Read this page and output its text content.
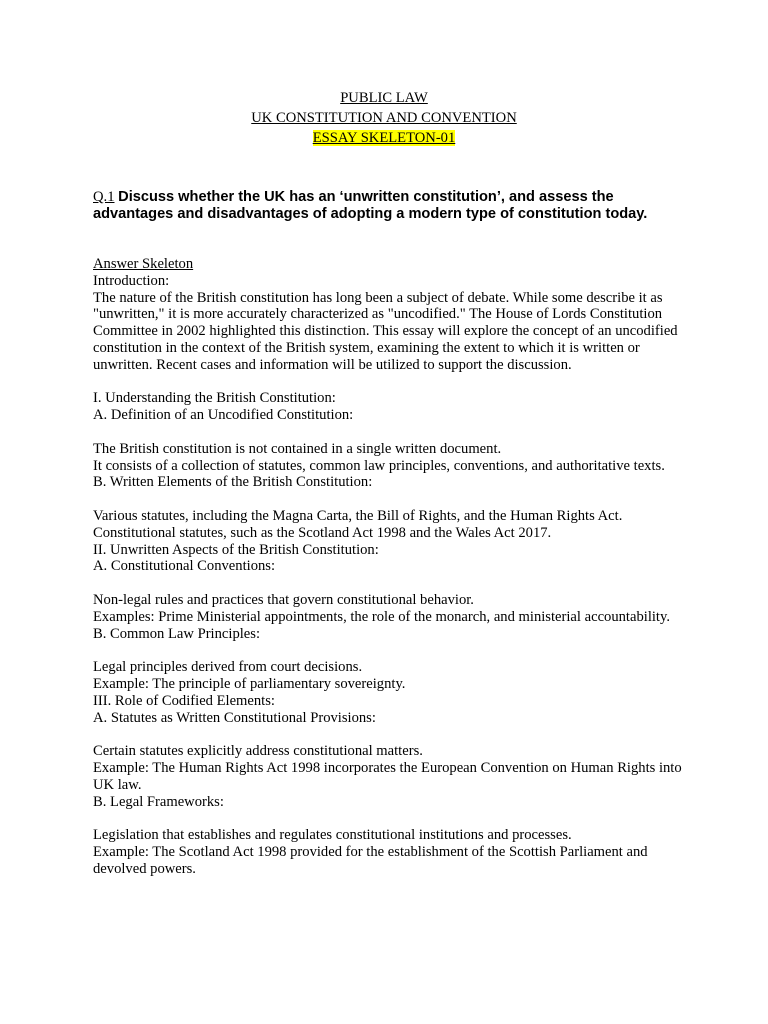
PUBLIC LAW
UK CONSTITUTION AND CONVENTION
ESSAY SKELETON-01
Q.1 Discuss whether the UK has an ‘unwritten constitution’, and assess the advantages and disadvantages of adopting a modern type of constitution today.

Answer Skeleton

Introduction:

The nature of the British constitution has long been a subject of debate. While some describe it as "unwritten," it is more accurately characterized as "uncodified." The House of Lords Constitution Committee in 2002 highlighted this distinction. This essay will explore the concept of an uncodified constitution in the context of the British system, examining the extent to which it is written or unwritten. Recent cases and information will be utilized to support the discussion.

I. Understanding the British Constitution:

A. Definition of an Uncodified Constitution:

The British constitution is not contained in a single written document.

It consists of a collection of statutes, common law principles, conventions, and authoritative texts.

B. Written Elements of the British Constitution:

Various statutes, including the Magna Carta, the Bill of Rights, and the Human Rights Act.

Constitutional statutes, such as the Scotland Act 1998 and the Wales Act 2017.

II. Unwritten Aspects of the British Constitution:

A. Constitutional Conventions:

Non-legal rules and practices that govern constitutional behavior.

Examples: Prime Ministerial appointments, the role of the monarch, and ministerial accountability.

B. Common Law Principles:

Legal principles derived from court decisions.

Example: The principle of parliamentary sovereignty.

III. Role of Codified Elements:

A. Statutes as Written Constitutional Provisions:

Certain statutes explicitly address constitutional matters.

Example: The Human Rights Act 1998 incorporates the European Convention on Human Rights into UK law.

B. Legal Frameworks:

Legislation that establishes and regulates constitutional institutions and processes.

Example: The Scotland Act 1998 provided for the establishment of the Scottish Parliament and devolved powers.
